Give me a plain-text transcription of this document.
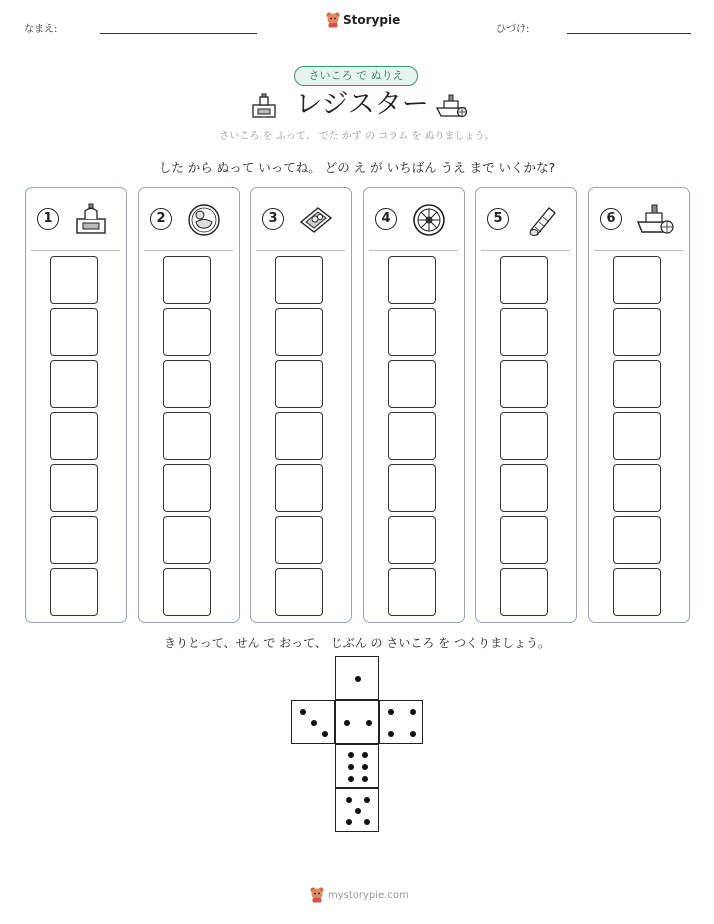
なまえ:
Storypie
ひづけ:
さいころ で ぬりえ
レジスター
さいころ を ふって、 でた かず の コラム を ぬりましょう。
した から ぬって いってね。 どの え が いちばん うえ まで いくかな?
1	2	3	4	5	6
きりとって、せん で おって、 じぶん の さいころ を つくりましょう。
mystorypie.com
